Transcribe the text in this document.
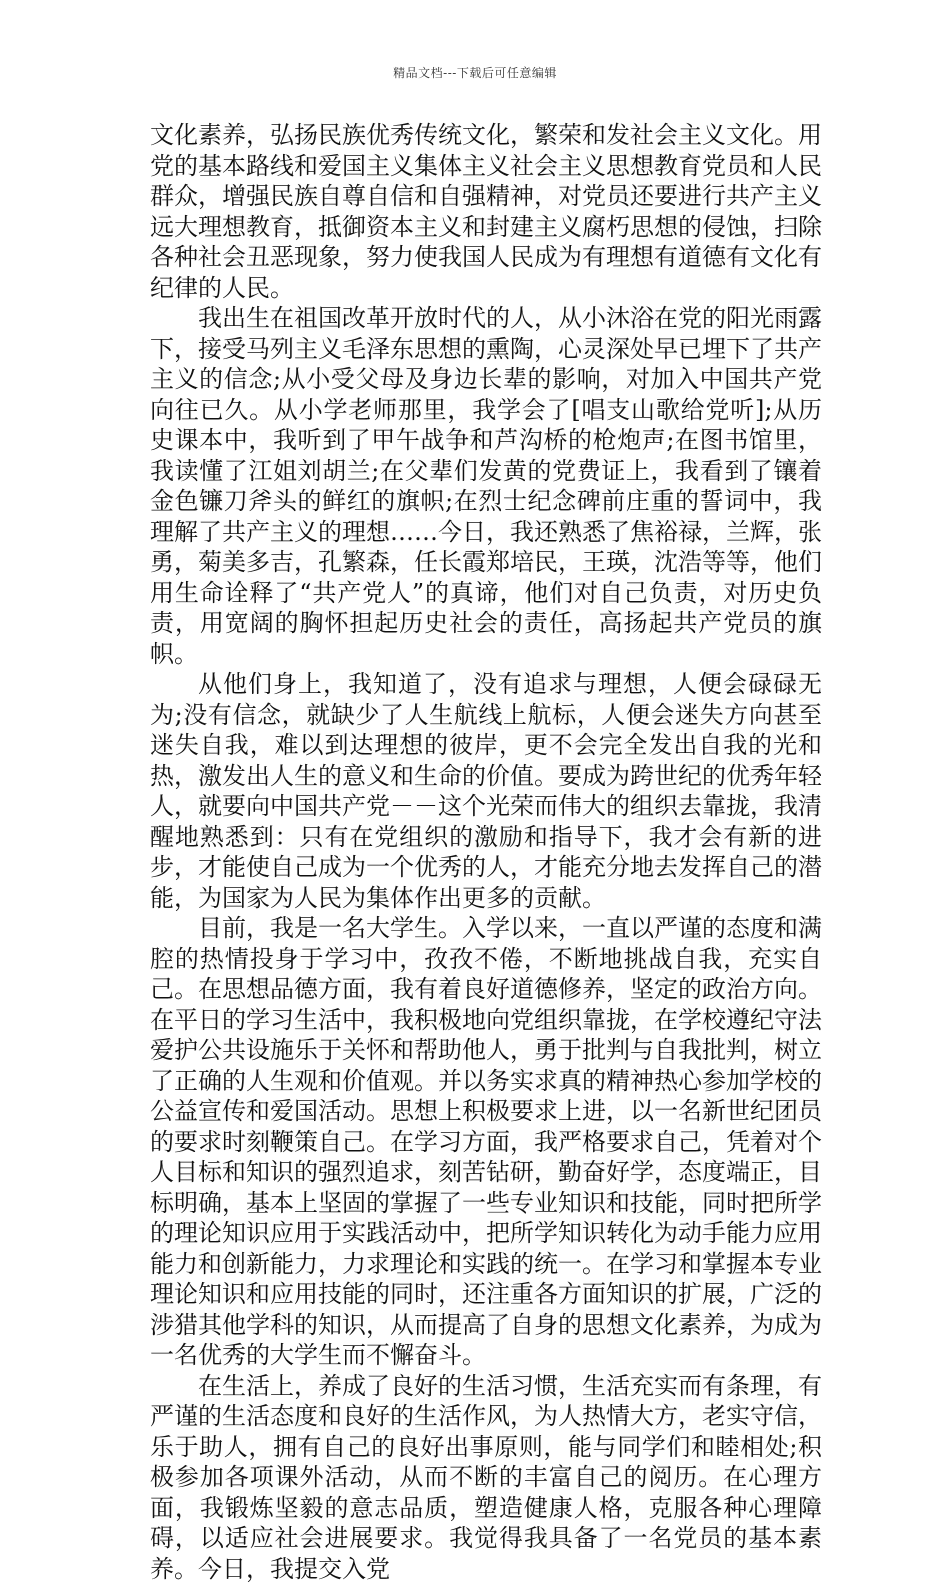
精品文档---下载后可任意编辑

文化素养，弘扬民族优秀传统文化，繁荣和发社会主义文化。用党的基本路线和爱国主义集体主义社会主义思想教育党员和人民群众，增强民族自尊自信和自强精神，对党员还要进行共产主义远大理想教育，抵御资本主义和封建主义腐朽思想的侵蚀，扫除各种社会丑恶现象，努力使我国人民成为有理想有道德有文化有纪律的人民。

我出生在祖国改革开放时代的人，从小沐浴在党的阳光雨露下，接受马列主义毛泽东思想的熏陶，心灵深处早已埋下了共产主义的信念;从小受父母及身边长辈的影响，对加入中国共产党向往已久。从小学老师那里，我学会了[唱支山歌给党听];从历史课本中，我听到了甲午战争和芦沟桥的枪炮声;在图书馆里，我读懂了江姐刘胡兰;在父辈们发黄的党费证上，我看到了镶着金色镰刀斧头的鲜红的旗帜;在烈士纪念碑前庄重的誓词中，我理解了共产主义的理想……今日，我还熟悉了焦裕禄，兰辉，张勇，菊美多吉，孔繁森，任长霞郑培民，王瑛，沈浩等等，他们用生命诠释了“共产党人”的真谛，他们对自己负责，对历史负责，用宽阔的胸怀担起历史社会的责任，高扬起共产党员的旗帜。

从他们身上，我知道了，没有追求与理想，人便会碌碌无为;没有信念，就缺少了人生航线上航标，人便会迷失方向甚至迷失自我，难以到达理想的彼岸，更不会完全发出自我的光和热，激发出人生的意义和生命的价值。要成为跨世纪的优秀年轻人，就要向中国共产党－－这个光荣而伟大的组织去靠拢，我清醒地熟悉到：只有在党组织的激励和指导下，我才会有新的进步，才能使自己成为一个优秀的人，才能充分地去发挥自己的潜能，为国家为人民为集体作出更多的贡献。

目前，我是一名大学生。入学以来，一直以严谨的态度和满腔的热情投身于学习中，孜孜不倦，不断地挑战自我，充实自己。在思想品德方面，我有着良好道德修养，坚定的政治方向。在平日的学习生活中，我积极地向党组织靠拢，在学校遵纪守法爱护公共设施乐于关怀和帮助他人，勇于批判与自我批判，树立了正确的人生观和价值观。并以务实求真的精神热心参加学校的公益宣传和爱国活动。思想上积极要求上进，以一名新世纪团员的要求时刻鞭策自己。在学习方面，我严格要求自己，凭着对个人目标和知识的强烈追求，刻苦钻研，勤奋好学，态度端正，目标明确，基本上坚固的掌握了一些专业知识和技能，同时把所学的理论知识应用于实践活动中，把所学知识转化为动手能力应用能力和创新能力，力求理论和实践的统一。在学习和掌握本专业理论知识和应用技能的同时，还注重各方面知识的扩展，广泛的涉猎其他学科的知识，从而提高了自身的思想文化素养，为成为一名优秀的大学生而不懈奋斗。

在生活上，养成了良好的生活习惯，生活充实而有条理，有严谨的生活态度和良好的生活作风，为人热情大方，老实守信，乐于助人，拥有自己的良好出事原则，能与同学们和睦相处;积极参加各项课外活动，从而不断的丰富自己的阅历。在心理方面，我锻炼坚毅的意志品质，塑造健康人格，克服各种心理障碍，以适应社会进展要求。我觉得我具备了一名党员的基本素养。今日，我提交入党
